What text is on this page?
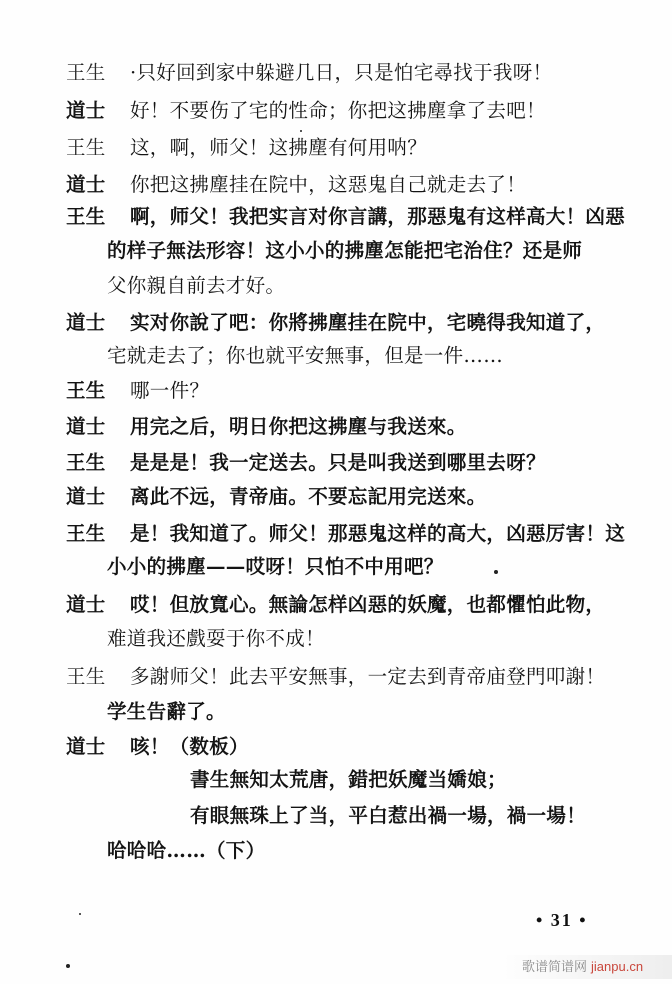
王生 ·只好回到家中躲避几日，只是怕宅尋找于我呀！
道士 好！不要伤了宅的性命；你把这拂塵拿了去吧！
王生 这，啊，师父！这拂塵有何用呐？
道士 你把这拂塵挂在院中，这惡鬼自己就走去了！
王生 啊，师父！我把实言对你言講，那惡鬼有这样高大！凶惡
的样子無法形容！这小小的拂塵怎能把宅治住？还是师
父你親自前去才好。
道士 实对你說了吧：你將拂塵挂在院中，宅曉得我知道了，
宅就走去了；你也就平安無事，但是一件……
王生 哪一件？
道士 用完之后，明日你把这拂塵与我送來。
王生 是是是！我一定送去。只是叫我送到哪里去呀？
道士 离此不远，青帝庙。不要忘記用完送來。
王生 是！我知道了。师父！那惡鬼这样的高大，凶惡厉害！这
小小的拂塵——哎呀！只怕不中用吧？
道士 哎！但放寬心。無論怎样凶惡的妖魔，也都懼怕此物，
难道我还戲耍于你不成！
王生 多謝师父！此去平安無事，一定去到青帝庙登門叩謝！
学生告辭了。
道士 咳！（数板）
書生無知太荒唐，錯把妖魔当嬌娘；
有眼無珠上了当，平白惹出禍一場，禍一場！
哈哈哈……（下）
• 31 •
歌谱简谱网 jianpu.cn
